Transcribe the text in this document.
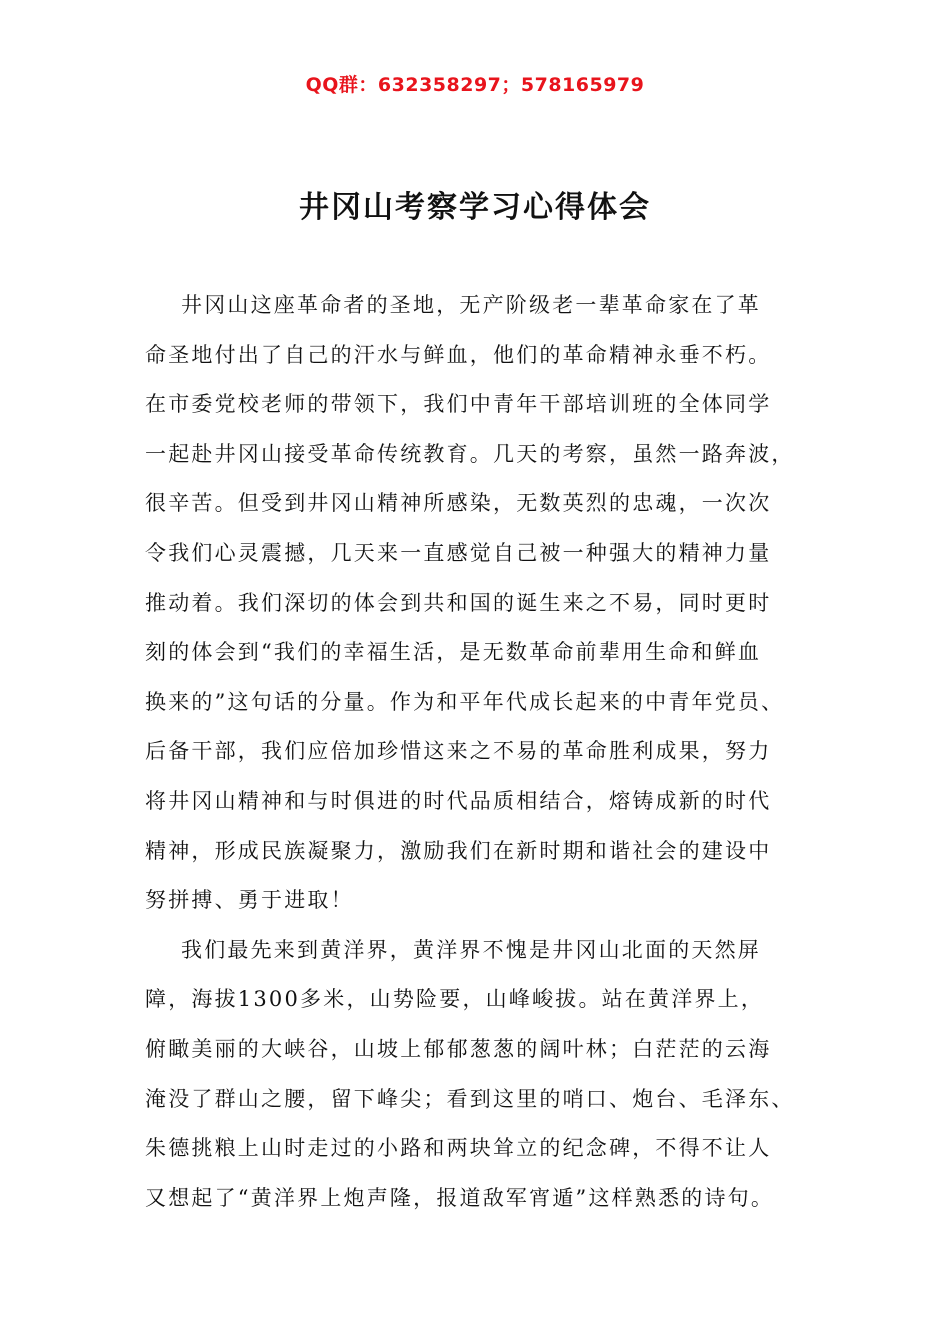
QQ群：632358297；578165979
井冈山考察学习心得体会
井冈山这座革命者的圣地，无产阶级老一辈革命家在了革
命圣地付出了自己的汗水与鲜血，他们的革命精神永垂不朽。
在市委党校老师的带领下，我们中青年干部培训班的全体同学
一起赴井冈山接受革命传统教育。几天的考察，虽然一路奔波，
很辛苦。但受到井冈山精神所感染，无数英烈的忠魂，一次次
令我们心灵震撼，几天来一直感觉自己被一种强大的精神力量
推动着。我们深切的体会到共和国的诞生来之不易，同时更时
刻的体会到“我们的幸福生活，是无数革命前辈用生命和鲜血
换来的”这句话的分量。作为和平年代成长起来的中青年党员、
后备干部，我们应倍加珍惜这来之不易的革命胜利成果，努力
将井冈山精神和与时俱进的时代品质相结合，熔铸成新的时代
精神，形成民族凝聚力，激励我们在新时期和谐社会的建设中
努拼搏、勇于进取！
我们最先来到黄洋界，黄洋界不愧是井冈山北面的天然屏
障，海拔1300多米，山势险要，山峰峻拔。站在黄洋界上，
俯瞰美丽的大峡谷，山坡上郁郁葱葱的阔叶林；白茫茫的云海
淹没了群山之腰，留下峰尖；看到这里的哨口、炮台、毛泽东、
朱德挑粮上山时走过的小路和两块耸立的纪念碑，不得不让人
又想起了“黄洋界上炮声隆，报道敌军宵遁”这样熟悉的诗句。
